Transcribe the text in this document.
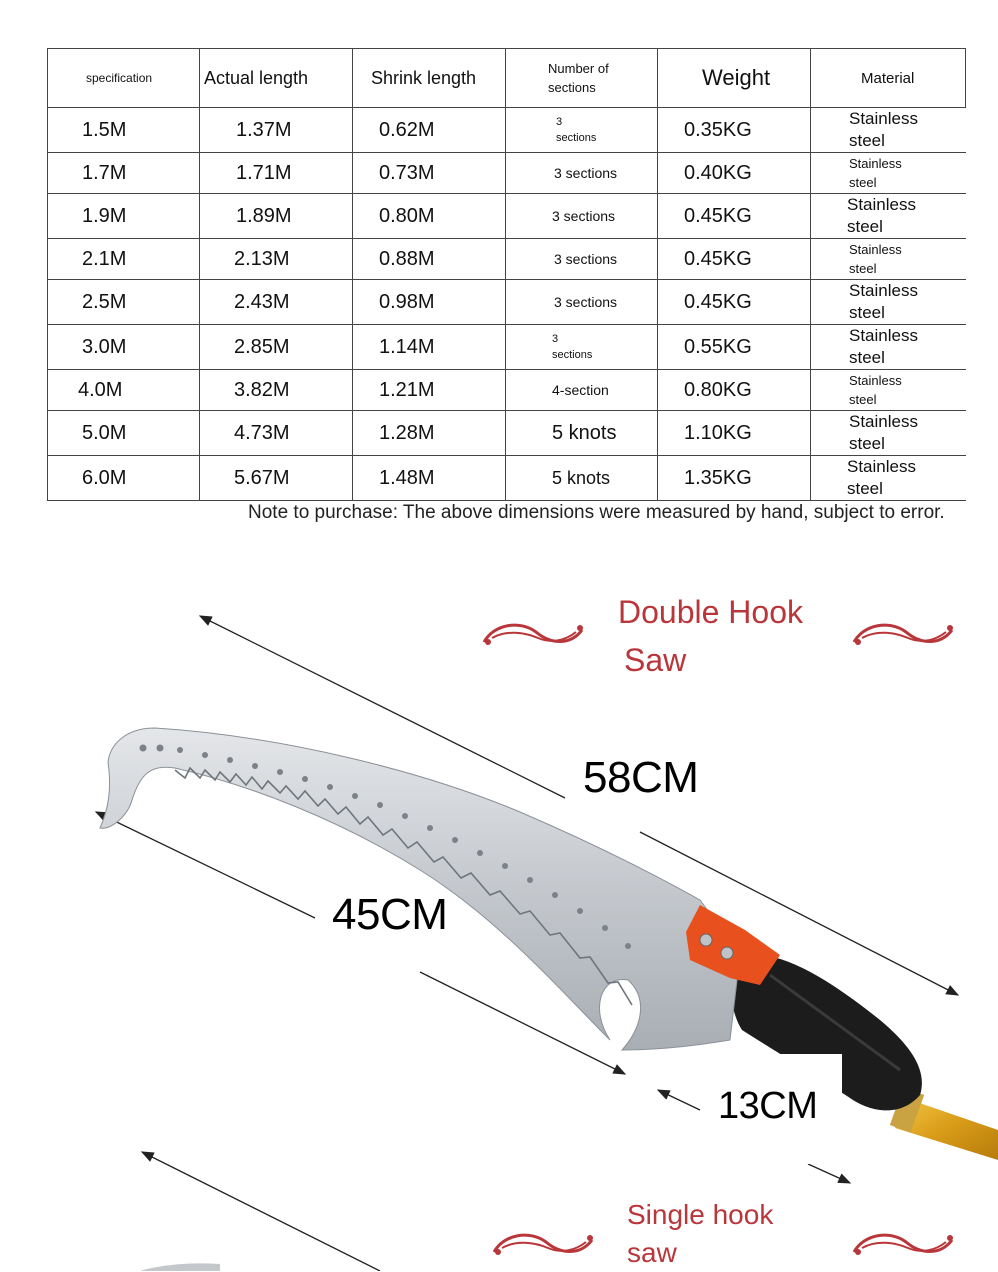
specification	Actual length	Shrink length	Number of sections	Weight	Material
1.5M	1.37M	0.62M	3 sections	0.35KG	Stainless steel
1.7M	1.71M	0.73M	3 sections	0.40KG	Stainless steel
1.9M	1.89M	0.80M	3 sections	0.45KG	Stainless steel
2.1M	2.13M	0.88M	3 sections	0.45KG	Stainless steel
2.5M	2.43M	0.98M	3 sections	0.45KG	Stainless steel
3.0M	2.85M	1.14M	3 sections	0.55KG	Stainless steel
4.0M	3.82M	1.21M	4-section	0.80KG	Stainless steel
5.0M	4.73M	1.28M	5 knots	1.10KG	Stainless steel
6.0M	5.67M	1.48M	5 knots	1.35KG	Stainless steel
Note to purchase: The above dimensions were measured by hand, subject to error.
Double Hook
Saw
Single hook
saw
58CM
45CM
13CM
